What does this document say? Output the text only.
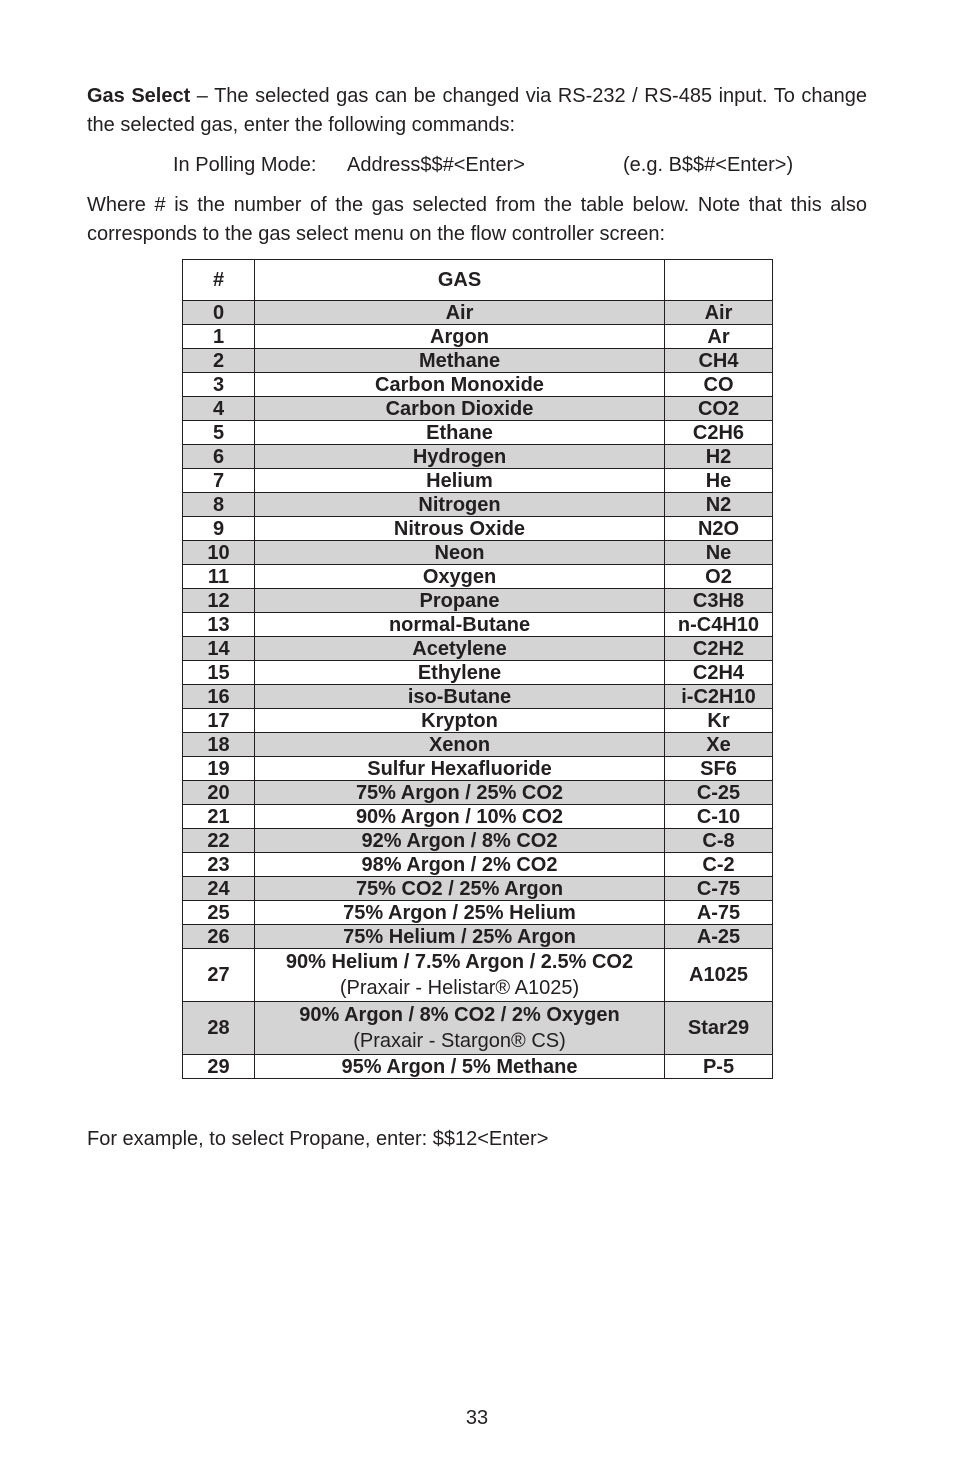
Gas Select – The selected gas can be changed via RS-232 / RS-485 input. To change the selected gas, enter the following commands:

In Polling Mode: Address$$#<Enter>	(e.g. B$$#<Enter>)

Where # is the number of the gas selected from the table below. Note that this also corresponds to the gas select menu on the flow controller screen:

#	GAS	
0	Air	Air
1	Argon	Ar
2	Methane	CH4
3	Carbon Monoxide	CO
4	Carbon Dioxide	CO2
5	Ethane	C2H6
6	Hydrogen	H2
7	Helium	He
8	Nitrogen	N2
9	Nitrous Oxide	N2O
10	Neon	Ne
11	Oxygen	O2
12	Propane	C3H8
13	normal-Butane	n-C4H10
14	Acetylene	C2H2
15	Ethylene	C2H4
16	iso-Butane	i-C2H10
17	Krypton	Kr
18	Xenon	Xe
19	Sulfur Hexafluoride	SF6
20	75% Argon / 25% CO2	C-25
21	90% Argon / 10% CO2	C-10
22	92% Argon / 8% CO2	C-8
23	98% Argon / 2% CO2	C-2
24	75% CO2 / 25% Argon	C-75
25	75% Argon / 25% Helium	A-75
26	75% Helium / 25% Argon	A-25
27	90% Helium / 7.5% Argon / 2.5% CO2
(Praxair - Helistar® A1025)	A1025
28	90% Argon / 8% CO2 / 2% Oxygen
(Praxair - Stargon® CS)	Star29
29	95% Argon / 5% Methane	P-5

For example, to select Propane, enter: $$12<Enter>

33
